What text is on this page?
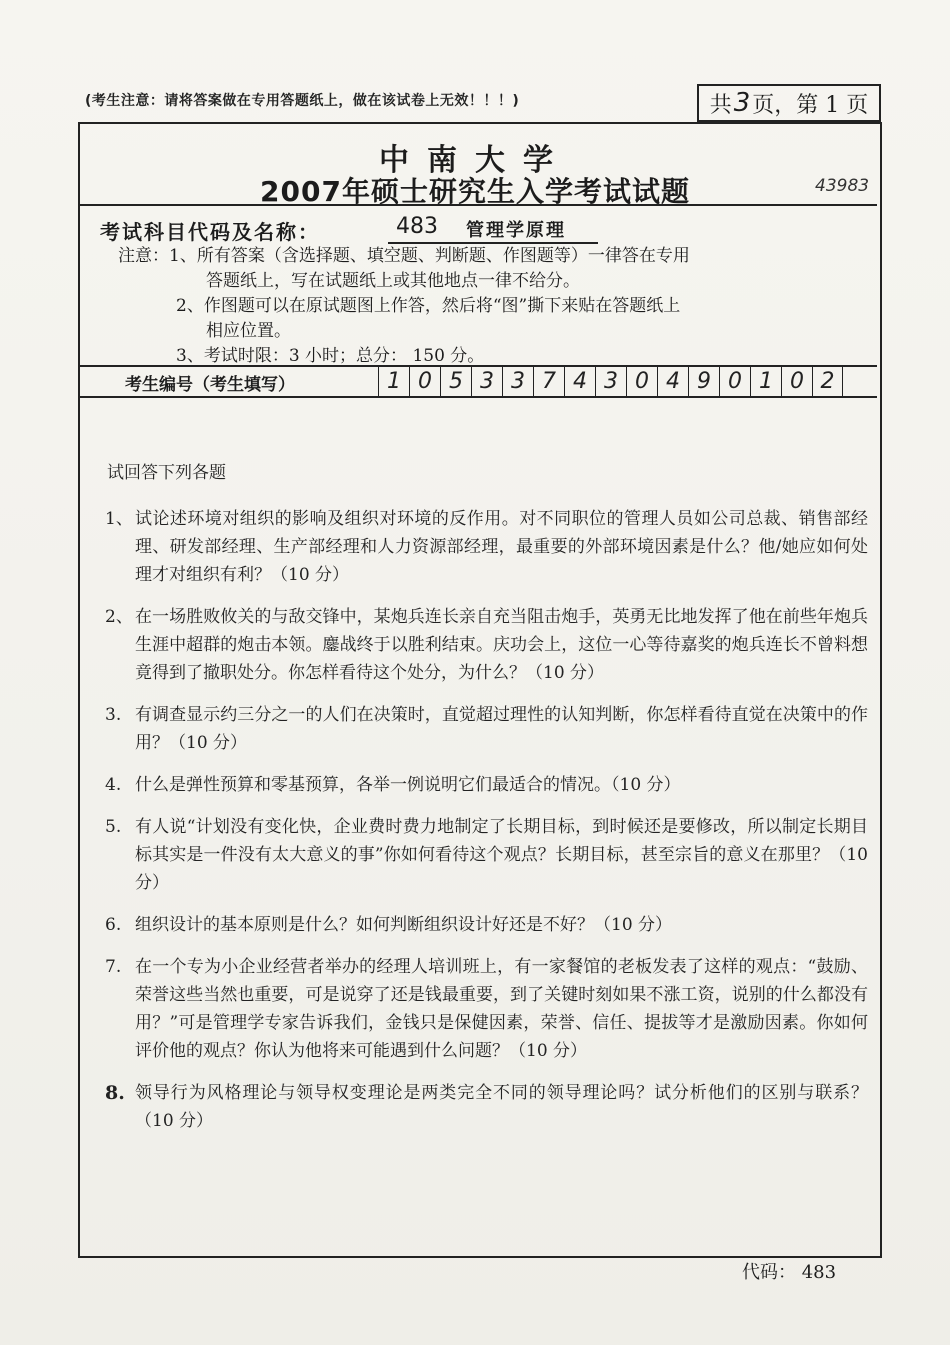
(考生注意：请将答案做在专用答题纸上，做在该试卷上无效！！！)	共 3 页，第 1 页
中南大学
2007年硕士研究生入学考试试题	43983
考试科目代码及名称：	483 管理学原理
注意：1、所有答案（含选择题、填空题、判断题、作图题等）一律答在专用
答题纸上，写在试题纸上或其他地点一律不给分。
2、作图题可以在原试题图上作答，然后将“图”撕下来贴在答题纸上
相应位置。
3、考试时限：3 小时；总分： 150 分。
考生编号（考生填写）	1 0 5 3 3 7 4 3 0 4 9 0 1 0 2
试回答下列各题
1、 试论述环境对组织的影响及组织对环境的反作用。对不同职位的管理人员如公司总裁、销售部经理、研发部经理、生产部经理和人力资源部经理，最重要的外部环境因素是什么？他/她应如何处理才对组织有利？（10 分）
2、 在一场胜败攸关的与敌交锋中，某炮兵连长亲自充当阻击炮手，英勇无比地发挥了他在前些年炮兵生涯中超群的炮击本领。鏖战终于以胜利结束。庆功会上，这位一心等待嘉奖的炮兵连长不曾料想竟得到了撤职处分。你怎样看待这个处分，为什么？（10 分）
3. 有调查显示约三分之一的人们在决策时，直觉超过理性的认知判断，你怎样看待直觉在决策中的作用？（10 分）
4. 什么是弹性预算和零基预算，各举一例说明它们最适合的情况。（10 分）
5. 有人说“计划没有变化快，企业费时费力地制定了长期目标，到时候还是要修改，所以制定长期目标其实是一件没有太大意义的事”你如何看待这个观点？长期目标，甚至宗旨的意义在那里？（10 分）
6. 组织设计的基本原则是什么？如何判断组织设计好还是不好？（10 分）
7. 在一个专为小企业经营者举办的经理人培训班上，有一家餐馆的老板发表了这样的观点：“鼓励、荣誉这些当然也重要，可是说穿了还是钱最重要，到了关键时刻如果不涨工资，说别的什么都没有用？”可是管理学专家告诉我们，金钱只是保健因素，荣誉、信任、提拔等才是激励因素。你如何评价他的观点？你认为他将来可能遇到什么问题？（10 分）
8. 领导行为风格理论与领导权变理论是两类完全不同的领导理论吗？试分析他们的区别与联系？（10 分）
代码： 483
